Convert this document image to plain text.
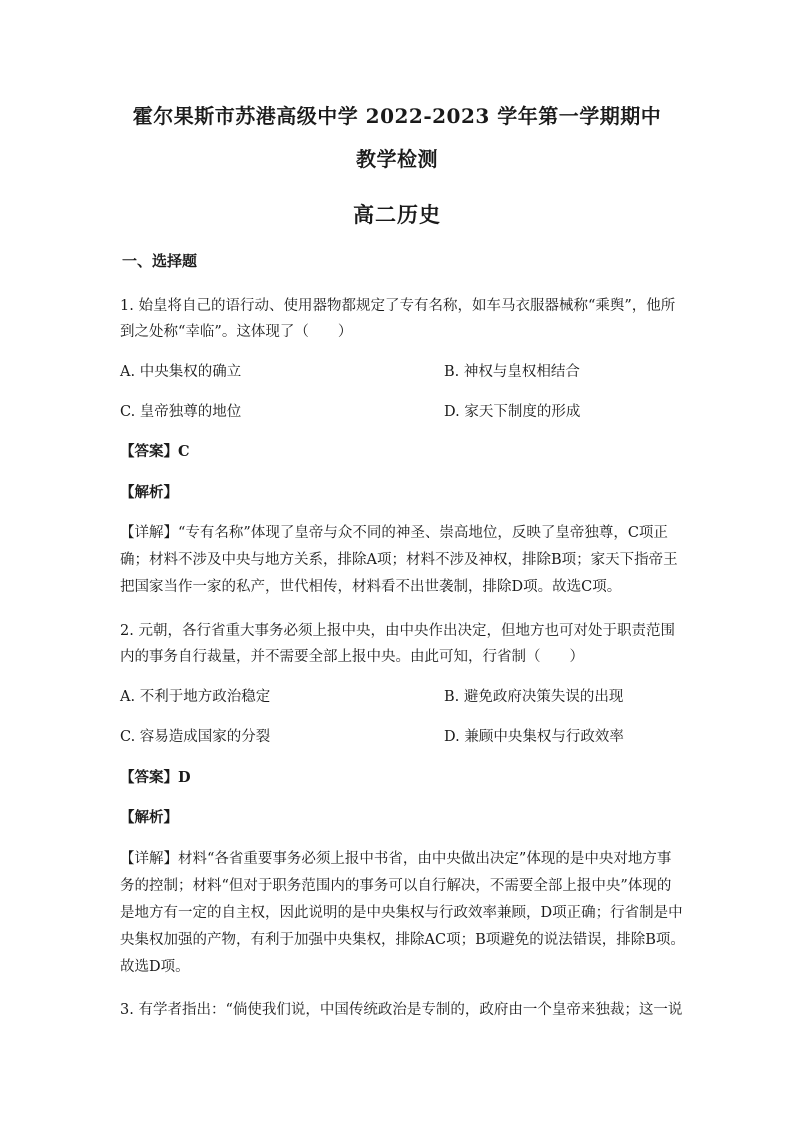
霍尔果斯市苏港高级中学 2022-2023 学年第一学期期中
教学检测
高二历史
一、选择题
1. 始皇将自己的语行动、使用器物都规定了专有名称，如车马衣服器械称“乘舆”，他所
到之处称“幸临”。这体现了（　　）
A. 中央集权的确立	B. 神权与皇权相结合
C. 皇帝独尊的地位	D. 家天下制度的形成
【答案】C
【解析】
【详解】“专有名称”体现了皇帝与众不同的神圣、崇高地位，反映了皇帝独尊，C项正
确；材料不涉及中央与地方关系，排除A项；材料不涉及神权，排除B项；家天下指帝王
把国家当作一家的私产，世代相传，材料看不出世袭制，排除D项。故选C项。
2. 元朝，各行省重大事务必须上报中央，由中央作出决定，但地方也可对处于职责范围
内的事务自行裁量，并不需要全部上报中央。由此可知，行省制（　　）
A. 不利于地方政治稳定	B. 避免政府决策失误的出现
C. 容易造成国家的分裂	D. 兼顾中央集权与行政效率
【答案】D
【解析】
【详解】材料“各省重要事务必须上报中书省，由中央做出决定”体现的是中央对地方事
务的控制；材料“但对于职务范围内的事务可以自行解决，不需要全部上报中央”体现的
是地方有一定的自主权，因此说明的是中央集权与行政效率兼顾，D项正确；行省制是中
央集权加强的产物，有利于加强中央集权，排除AC项；B项避免的说法错误，排除B项。
故选D项。
3. 有学者指出：“倘使我们说，中国传统政治是专制的，政府由一个皇帝来独裁；这一说
